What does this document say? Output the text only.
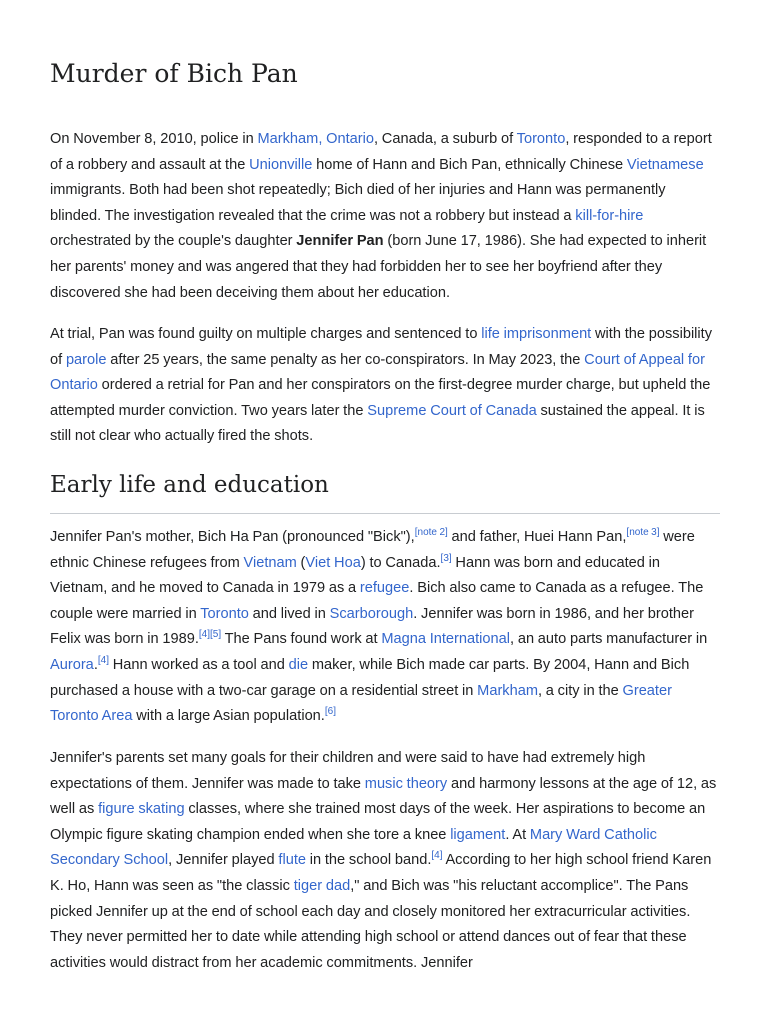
Murder of Bich Pan

On November 8, 2010, police in Markham, Ontario, Canada, a suburb of Toronto, responded to a report of a robbery and assault at the Unionville home of Hann and Bich Pan, ethnically Chinese Vietnamese immigrants. Both had been shot repeatedly; Bich died of her injuries and Hann was permanently blinded. The investigation revealed that the crime was not a robbery but instead a kill-for-hire orchestrated by the couple's daughter Jennifer Pan (born June 17, 1986). She had expected to inherit her parents' money and was angered that they had forbidden her to see her boyfriend after they discovered she had been deceiving them about her education.

At trial, Pan was found guilty on multiple charges and sentenced to life imprisonment with the possibility of parole after 25 years, the same penalty as her co-conspirators. In May 2023, the Court of Appeal for Ontario ordered a retrial for Pan and her conspirators on the first-degree murder charge, but upheld the attempted murder conviction. Two years later the Supreme Court of Canada sustained the appeal. It is still not clear who actually fired the shots.

Early life and education

Jennifer Pan's mother, Bich Ha Pan (pronounced "Bick"),[note 2] and father, Huei Hann Pan,[note 3] were ethnic Chinese refugees from Vietnam (Viet Hoa) to Canada.[3] Hann was born and educated in Vietnam, and he moved to Canada in 1979 as a refugee. Bich also came to Canada as a refugee. The couple were married in Toronto and lived in Scarborough. Jennifer was born in 1986, and her brother Felix was born in 1989.[4][5] The Pans found work at Magna International, an auto parts manufacturer in Aurora.[4] Hann worked as a tool and die maker, while Bich made car parts. By 2004, Hann and Bich purchased a house with a two-car garage on a residential street in Markham, a city in the Greater Toronto Area with a large Asian population.[6]

Jennifer's parents set many goals for their children and were said to have had extremely high expectations of them. Jennifer was made to take music theory and harmony lessons at the age of 12, as well as figure skating classes, where she trained most days of the week. Her aspirations to become an Olympic figure skating champion ended when she tore a knee ligament. At Mary Ward Catholic Secondary School, Jennifer played flute in the school band.[4] According to her high school friend Karen K. Ho, Hann was seen as "the classic tiger dad," and Bich was "his reluctant accomplice". The Pans picked Jennifer up at the end of school each day and closely monitored her extracurricular activities. They never permitted her to date while attending high school or attend dances out of fear that these activities would distract from her academic commitments. Jennifer
